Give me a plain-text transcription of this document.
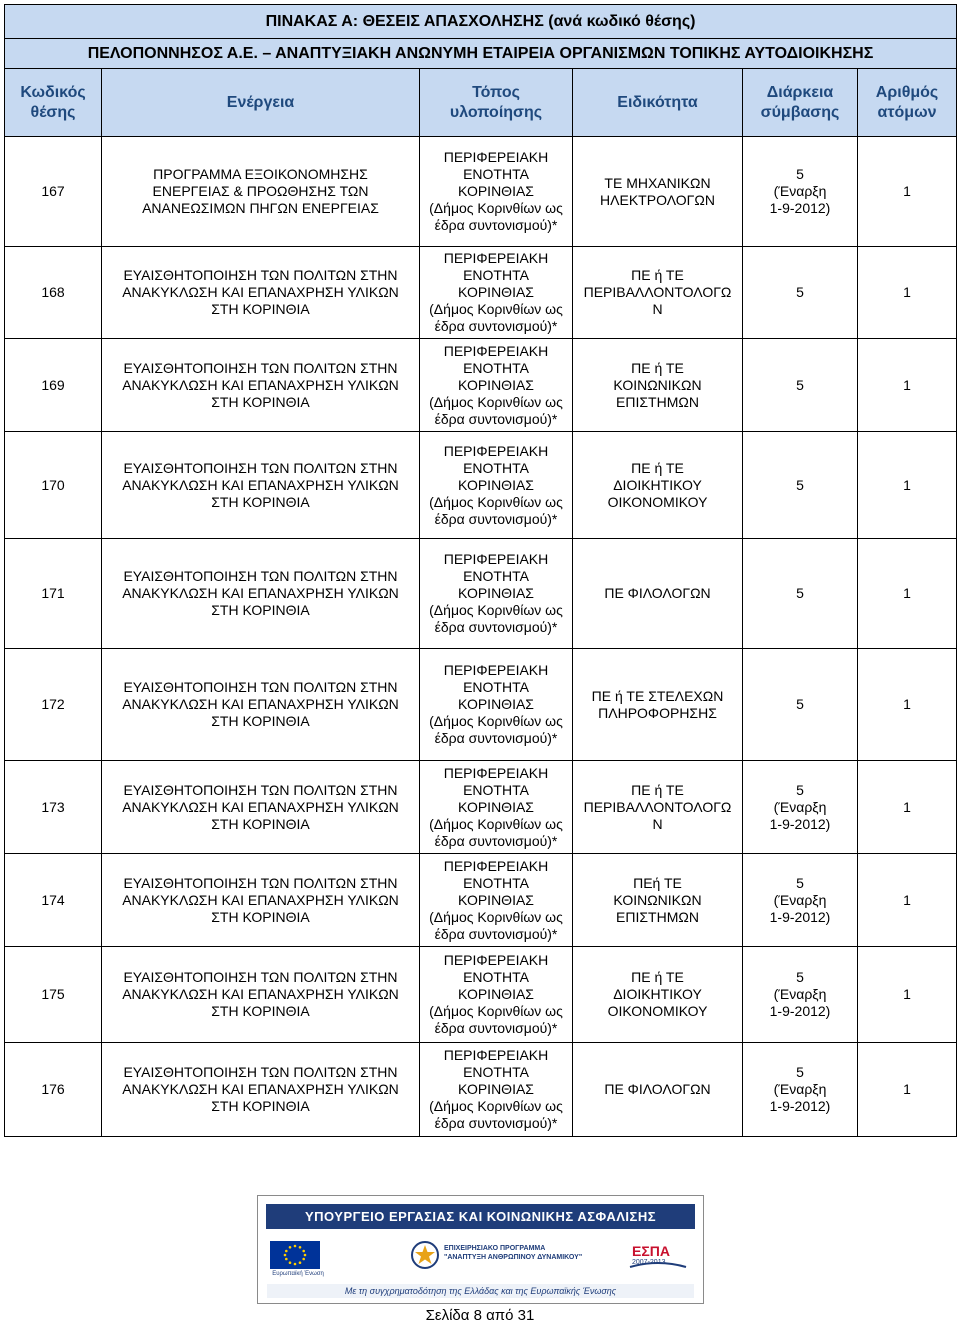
ΠΙΝΑΚΑΣ Α: ΘΕΣΕΙΣ ΑΠΑΣΧΟΛΗΣΗΣ (ανά κωδικό θέσης)					
ΠΕΛΟΠΟΝΝΗΣΟΣ Α.Ε. – ΑΝΑΠΤΥΞΙΑΚΗ ΑΝΩΝΥΜΗ ΕΤΑΙΡΕΙΑ ΟΡΓΑΝΙΣΜΩΝ ΤΟΠΙΚΗΣ ΑΥΤΟΔΙΟΙΚΗΣΗΣ					
Κωδικός
θέσης	Ενέργεια	Τόπος
υλοποίησης	Ειδικότητα	Διάρκεια
σύμβασης	Αριθμός
ατόμων
167	ΠΡΟΓΡΑΜΜΑ ΕΞΟΙΚΟΝΟΜΗΣΗΣ
ΕΝΕΡΓΕΙΑΣ & ΠΡΟΩΘΗΣΗΣ ΤΩΝ
ΑΝΑΝΕΩΣΙΜΩΝ ΠΗΓΩΝ ΕΝΕΡΓΕΙΑΣ	ΠΕΡΙΦΕΡΕΙΑΚΗ
ΕΝΟΤΗΤΑ
ΚΟΡΙΝΘΙΑΣ
(Δήμος Κορινθίων ως
έδρα συντονισμού)*	ΤΕ ΜΗΧΑΝΙΚΩΝ
ΗΛΕΚΤΡΟΛΟΓΩΝ	5
(Έναρξη
1-9-2012)	1
168	ΕΥΑΙΣΘΗΤΟΠΟΙΗΣΗ ΤΩΝ ΠΟΛΙΤΩΝ ΣΤΗΝ
ΑΝΑΚΥΚΛΩΣΗ ΚΑΙ ΕΠΑΝΑΧΡΗΣΗ ΥΛΙΚΩΝ
ΣΤΗ ΚΟΡΙΝΘΙΑ	ΠΕΡΙΦΕΡΕΙΑΚΗ
ΕΝΟΤΗΤΑ
ΚΟΡΙΝΘΙΑΣ
(Δήμος Κορινθίων ως
έδρα συντονισμού)*	ΠΕ ή ΤΕ
ΠΕΡΙΒΑΛΛΟΝΤΟΛΟΓΩ
Ν	5	1
169	ΕΥΑΙΣΘΗΤΟΠΟΙΗΣΗ ΤΩΝ ΠΟΛΙΤΩΝ ΣΤΗΝ
ΑΝΑΚΥΚΛΩΣΗ ΚΑΙ ΕΠΑΝΑΧΡΗΣΗ ΥΛΙΚΩΝ
ΣΤΗ ΚΟΡΙΝΘΙΑ	ΠΕΡΙΦΕΡΕΙΑΚΗ
ΕΝΟΤΗΤΑ
ΚΟΡΙΝΘΙΑΣ
(Δήμος Κορινθίων ως
έδρα συντονισμού)*	ΠΕ ή ΤΕ
ΚΟΙΝΩΝΙΚΩΝ
ΕΠΙΣΤΗΜΩΝ	5	1
170	ΕΥΑΙΣΘΗΤΟΠΟΙΗΣΗ ΤΩΝ ΠΟΛΙΤΩΝ ΣΤΗΝ
ΑΝΑΚΥΚΛΩΣΗ ΚΑΙ ΕΠΑΝΑΧΡΗΣΗ ΥΛΙΚΩΝ
ΣΤΗ ΚΟΡΙΝΘΙΑ	ΠΕΡΙΦΕΡΕΙΑΚΗ
ΕΝΟΤΗΤΑ
ΚΟΡΙΝΘΙΑΣ
(Δήμος Κορινθίων ως
έδρα συντονισμού)*	ΠΕ ή ΤΕ
ΔΙΟΙΚΗΤΙΚΟΥ
ΟΙΚΟΝΟΜΙΚΟΥ	5	1
171	ΕΥΑΙΣΘΗΤΟΠΟΙΗΣΗ ΤΩΝ ΠΟΛΙΤΩΝ ΣΤΗΝ
ΑΝΑΚΥΚΛΩΣΗ ΚΑΙ ΕΠΑΝΑΧΡΗΣΗ ΥΛΙΚΩΝ
ΣΤΗ ΚΟΡΙΝΘΙΑ	ΠΕΡΙΦΕΡΕΙΑΚΗ
ΕΝΟΤΗΤΑ
ΚΟΡΙΝΘΙΑΣ
(Δήμος Κορινθίων ως
έδρα συντονισμού)*	ΠΕ ΦΙΛΟΛΟΓΩΝ	5	1
172	ΕΥΑΙΣΘΗΤΟΠΟΙΗΣΗ ΤΩΝ ΠΟΛΙΤΩΝ ΣΤΗΝ
ΑΝΑΚΥΚΛΩΣΗ ΚΑΙ ΕΠΑΝΑΧΡΗΣΗ ΥΛΙΚΩΝ
ΣΤΗ ΚΟΡΙΝΘΙΑ	ΠΕΡΙΦΕΡΕΙΑΚΗ
ΕΝΟΤΗΤΑ
ΚΟΡΙΝΘΙΑΣ
(Δήμος Κορινθίων ως
έδρα συντονισμού)*	ΠΕ ή ΤΕ ΣΤΕΛΕΧΩΝ
ΠΛΗΡΟΦΟΡΗΣΗΣ	5	1
173	ΕΥΑΙΣΘΗΤΟΠΟΙΗΣΗ ΤΩΝ ΠΟΛΙΤΩΝ ΣΤΗΝ
ΑΝΑΚΥΚΛΩΣΗ ΚΑΙ ΕΠΑΝΑΧΡΗΣΗ ΥΛΙΚΩΝ
ΣΤΗ ΚΟΡΙΝΘΙΑ	ΠΕΡΙΦΕΡΕΙΑΚΗ
ΕΝΟΤΗΤΑ
ΚΟΡΙΝΘΙΑΣ
(Δήμος Κορινθίων ως
έδρα συντονισμού)*	ΠΕ ή ΤΕ
ΠΕΡΙΒΑΛΛΟΝΤΟΛΟΓΩ
Ν	5
(Έναρξη
1-9-2012)	1
174	ΕΥΑΙΣΘΗΤΟΠΟΙΗΣΗ ΤΩΝ ΠΟΛΙΤΩΝ ΣΤΗΝ
ΑΝΑΚΥΚΛΩΣΗ ΚΑΙ ΕΠΑΝΑΧΡΗΣΗ ΥΛΙΚΩΝ
ΣΤΗ ΚΟΡΙΝΘΙΑ	ΠΕΡΙΦΕΡΕΙΑΚΗ
ΕΝΟΤΗΤΑ
ΚΟΡΙΝΘΙΑΣ
(Δήμος Κορινθίων ως
έδρα συντονισμού)*	ΠΕή ΤΕ
ΚΟΙΝΩΝΙΚΩΝ
ΕΠΙΣΤΗΜΩΝ	5
(Έναρξη
1-9-2012)	1
175	ΕΥΑΙΣΘΗΤΟΠΟΙΗΣΗ ΤΩΝ ΠΟΛΙΤΩΝ ΣΤΗΝ
ΑΝΑΚΥΚΛΩΣΗ ΚΑΙ ΕΠΑΝΑΧΡΗΣΗ ΥΛΙΚΩΝ
ΣΤΗ ΚΟΡΙΝΘΙΑ	ΠΕΡΙΦΕΡΕΙΑΚΗ
ΕΝΟΤΗΤΑ
ΚΟΡΙΝΘΙΑΣ
(Δήμος Κορινθίων ως
έδρα συντονισμού)*	ΠΕ ή ΤΕ
ΔΙΟΙΚΗΤΙΚΟΥ
ΟΙΚΟΝΟΜΙΚΟΥ	5
(Έναρξη
1-9-2012)	1
176	ΕΥΑΙΣΘΗΤΟΠΟΙΗΣΗ ΤΩΝ ΠΟΛΙΤΩΝ ΣΤΗΝ
ΑΝΑΚΥΚΛΩΣΗ ΚΑΙ ΕΠΑΝΑΧΡΗΣΗ ΥΛΙΚΩΝ
ΣΤΗ ΚΟΡΙΝΘΙΑ	ΠΕΡΙΦΕΡΕΙΑΚΗ
ΕΝΟΤΗΤΑ
ΚΟΡΙΝΘΙΑΣ
(Δήμος Κορινθίων ως
έδρα συντονισμού)*	ΠΕ ΦΙΛΟΛΟΓΩΝ	5
(Έναρξη
1-9-2012)	1
ΥΠΟΥΡΓΕΙΟ ΕΡΓΑΣΙΑΣ ΚΑΙ ΚΟΙΝΩΝΙΚΗΣ ΑΣΦΑΛΙΣΗΣ
Ευρωπαϊκή Ένωση
ΕΠΙΧΕΙΡΗΣΙΑΚΟ ΠΡΟΓΡΑΜΜΑ
"ΑΝΑΠΤΥΞΗ ΑΝΘΡΩΠΙΝΟΥ ΔΥΝΑΜΙΚΟΥ"	ΕΣΠΑ
2007-2013
Με τη συγχρηματοδότηση της Ελλάδας και της Ευρωπαϊκής Ένωσης
Σελίδα 8 από 31
